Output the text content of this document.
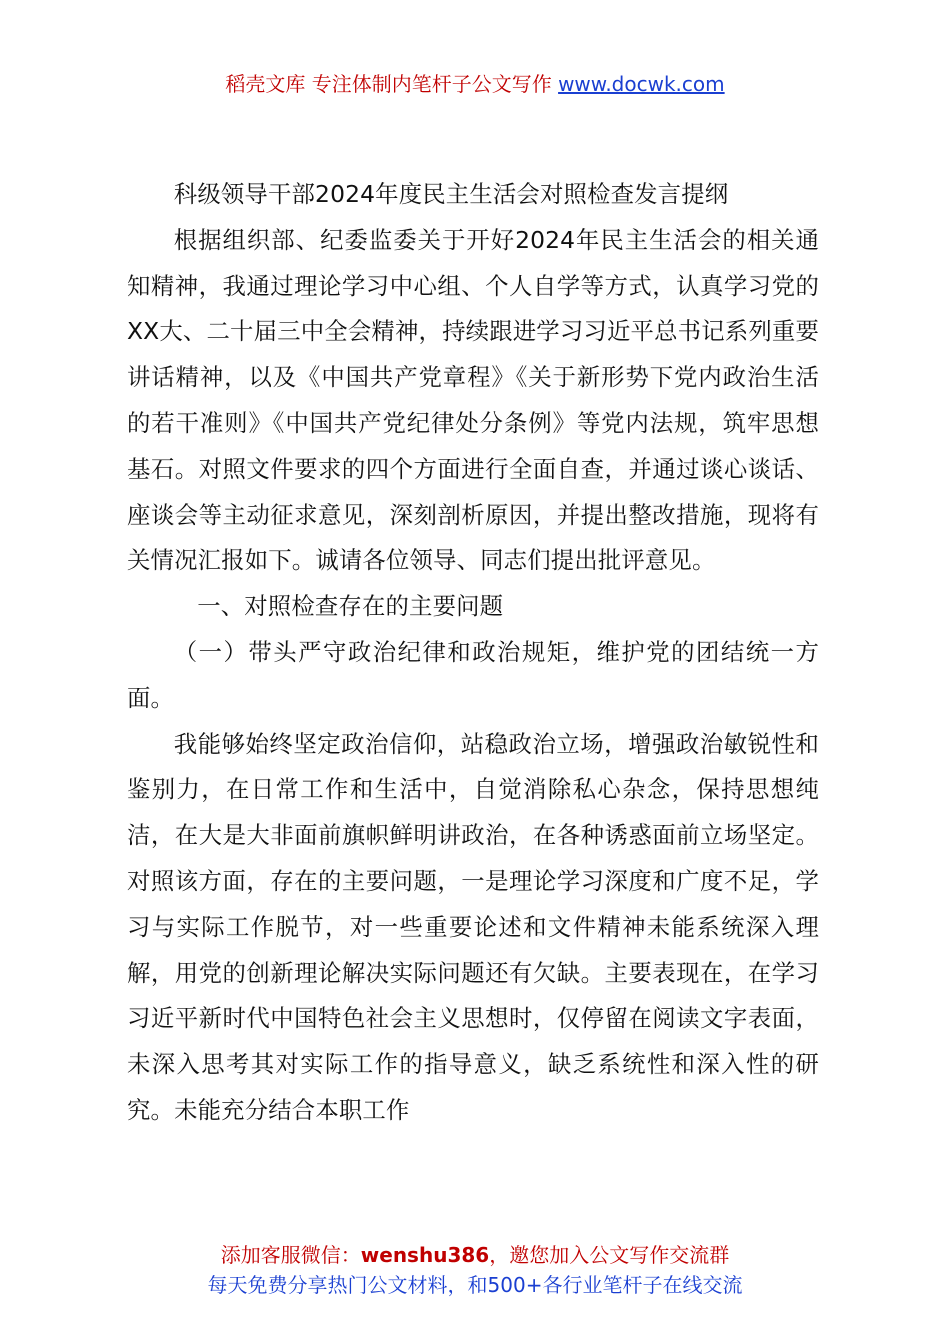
稻壳文库 专注体制内笔杆子公文写作 www.docwk.com

科级领导干部2024年度民主生活会对照检查发言提纲

根据组织部、纪委监委关于开好2024年民主生活会的相关通知精神，我通过理论学习中心组、个人自学等方式，认真学习党的XX大、二十届三中全会精神，持续跟进学习习近平总书记系列重要讲话精神，以及《中国共产党章程》《关于新形势下党内政治生活的若干准则》《中国共产党纪律处分条例》等党内法规，筑牢思想基石。对照文件要求的四个方面进行全面自查，并通过谈心谈话、座谈会等主动征求意见，深刻剖析原因，并提出整改措施，现将有关情况汇报如下。诚请各位领导、同志们提出批评意见。

一、对照检查存在的主要问题

（一）带头严守政治纪律和政治规矩，维护党的团结统一方面。

我能够始终坚定政治信仰，站稳政治立场，增强政治敏锐性和鉴别力，在日常工作和生活中，自觉消除私心杂念，保持思想纯洁，在大是大非面前旗帜鲜明讲政治，在各种诱惑面前立场坚定。对照该方面，存在的主要问题，一是理论学习深度和广度不足，学习与实际工作脱节，对一些重要论述和文件精神未能系统深入理解，用党的创新理论解决实际问题还有欠缺。主要表现在，在学习习近平新时代中国特色社会主义思想时，仅停留在阅读文字表面，未深入思考其对实际工作的指导意义，缺乏系统性和深入性的研究。未能充分结合本职工作

添加客服微信：wenshu386，邀您加入公文写作交流群
每天免费分享热门公文材料，和500+各行业笔杆子在线交流
